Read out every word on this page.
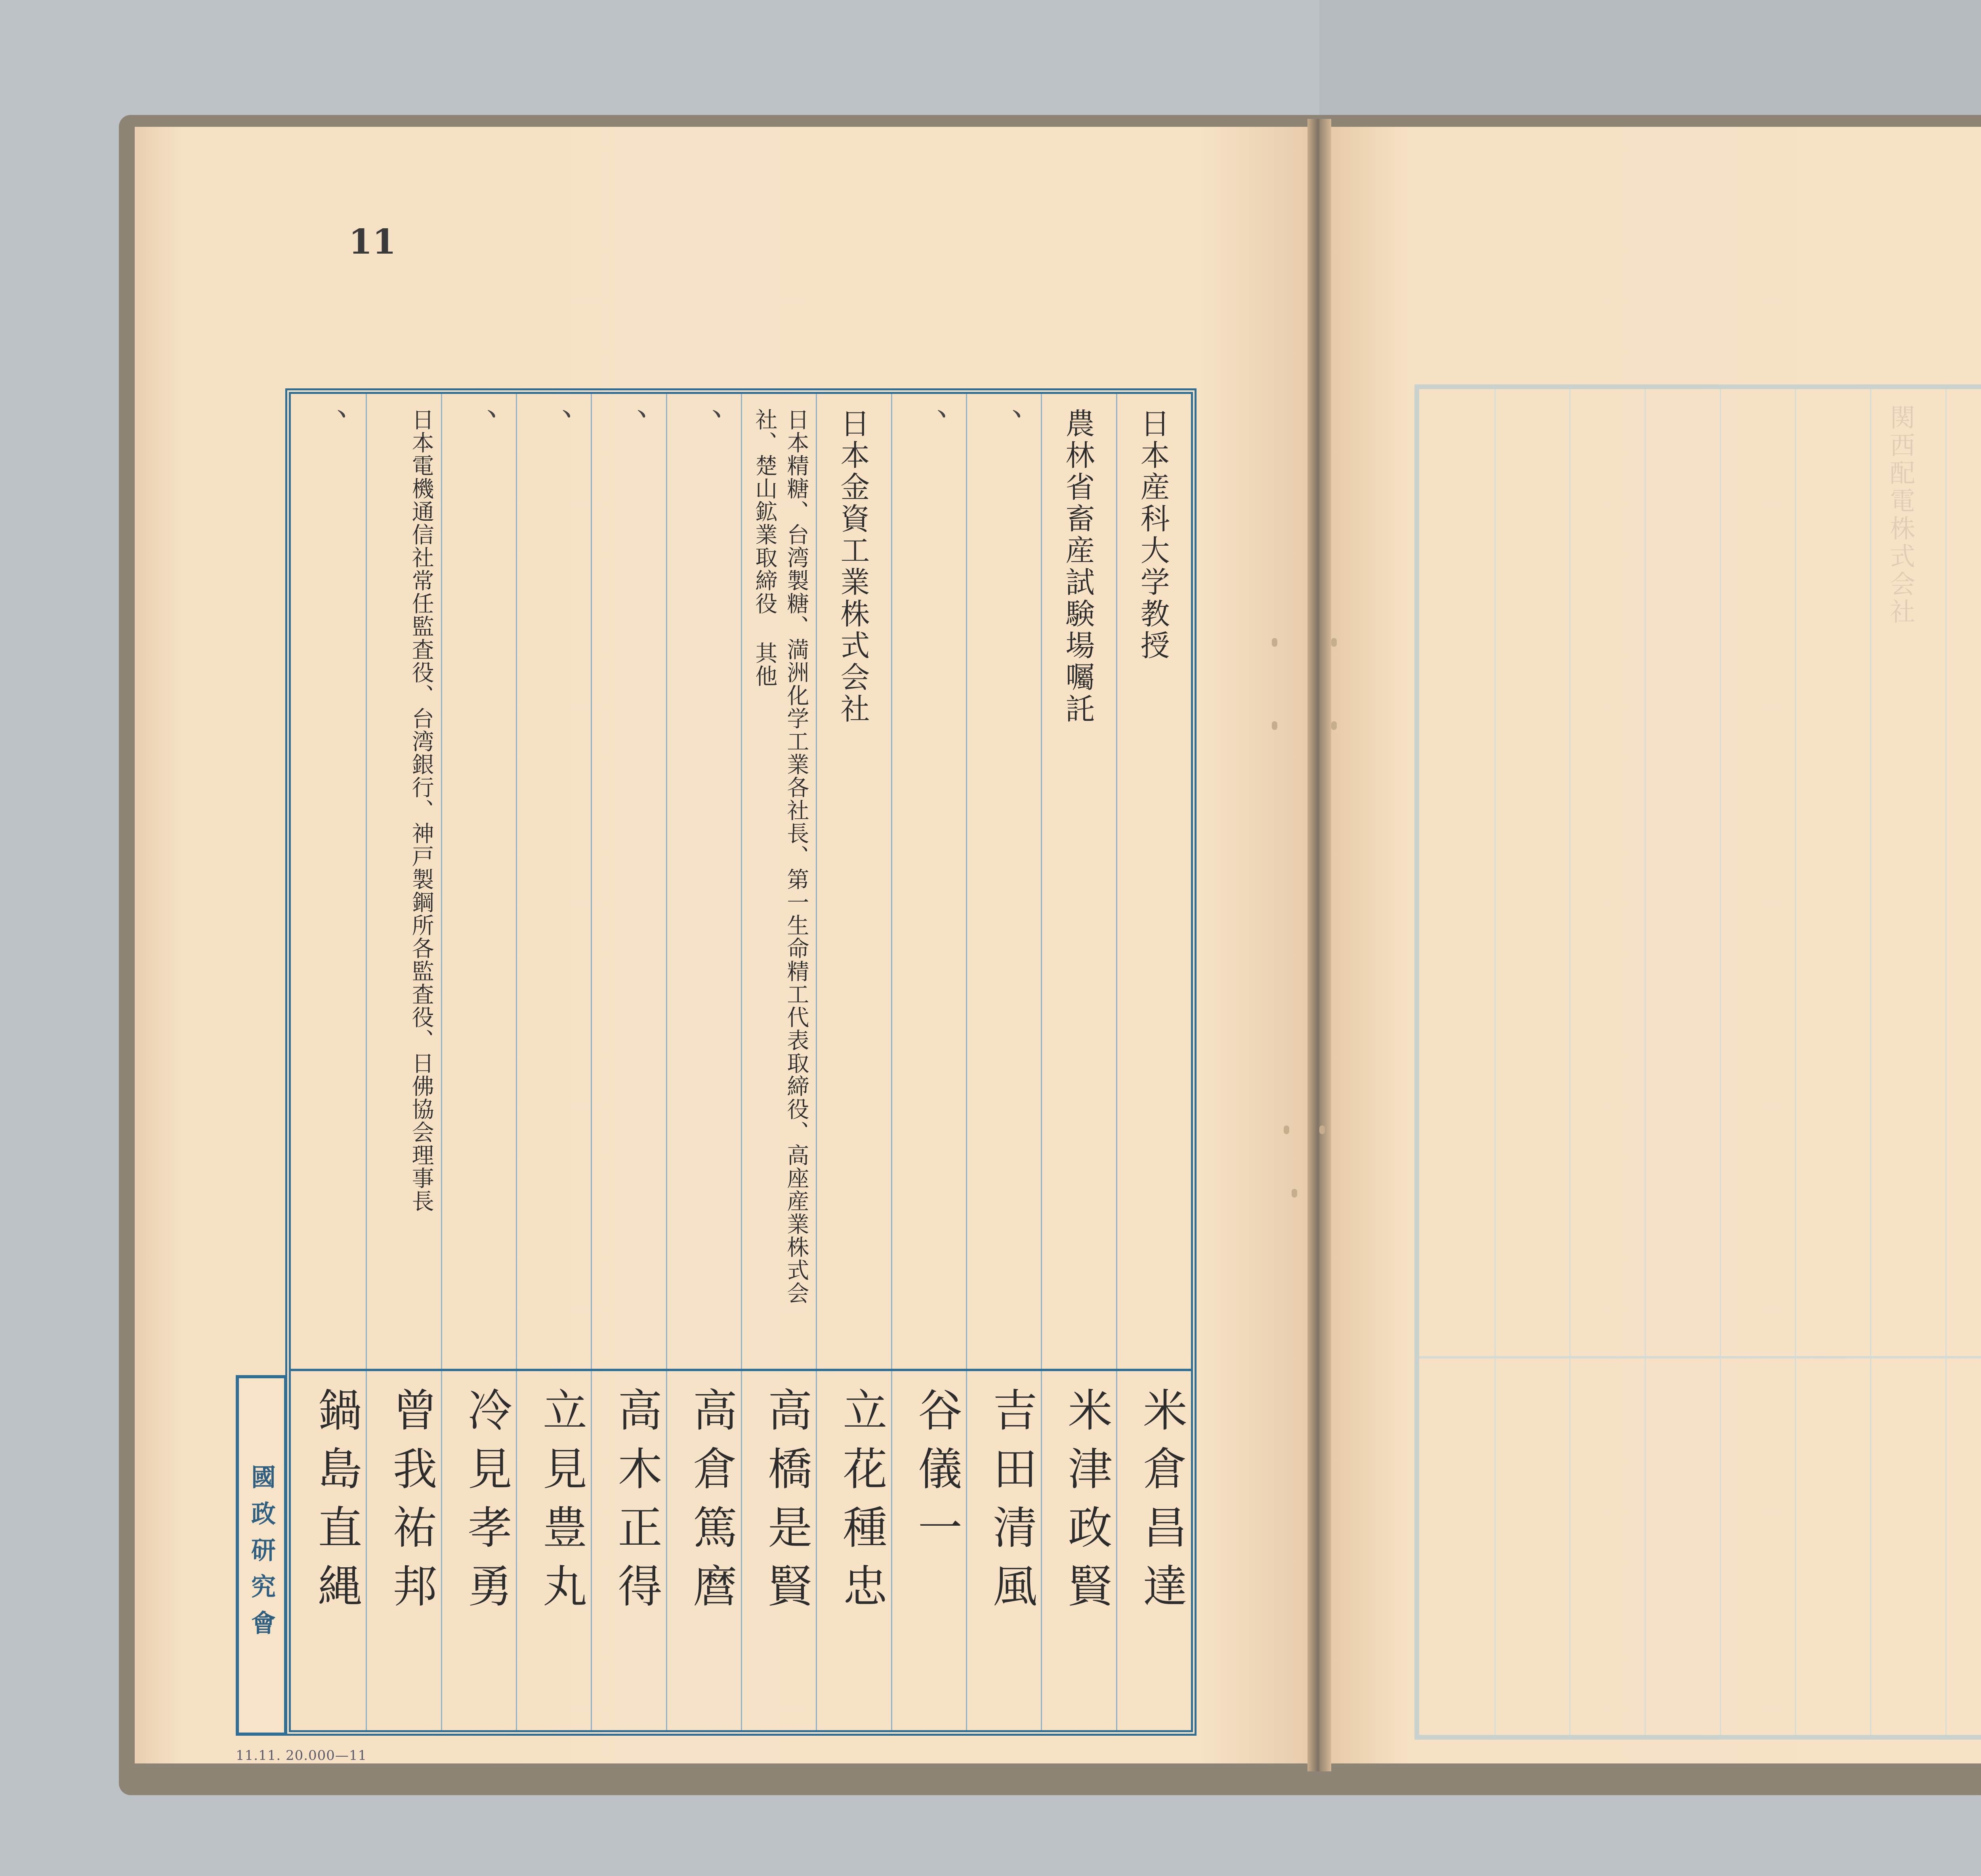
11
日本産科大学教授
米倉昌達
農林省畜産試験場囑託
米津政賢
、
吉田清風
、
谷儀一
日本金資工業株式会社
立花種忠
日本精糖、台湾製糖、満洲化学工業各社長、第一生命精工代表取締役、高座産業株式会社、楚山鉱業取締役 其他
高橋是賢
、
高倉篤麿
、
高木正得
、
立見豊丸
、
冷見孝勇
日本電機通信社常任監査役、台湾銀行、神戸製鋼所各監査役、日佛協会理事長
曾我祐邦
、
鍋島直縄
國政研究會
11.11. 20.000—11
関西配電株式会社
